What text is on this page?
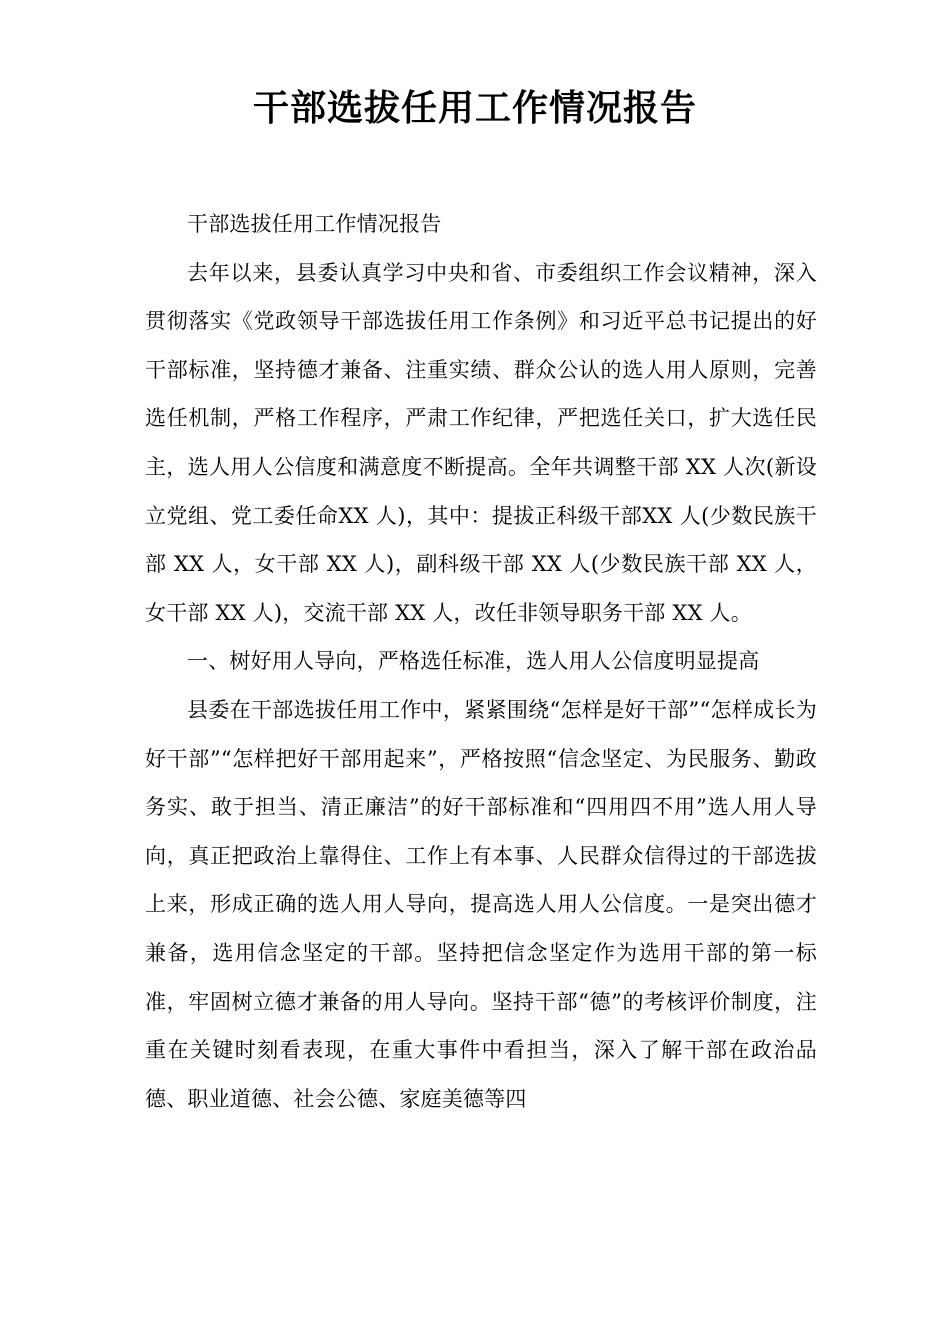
干部选拔任用工作情况报告

干部选拔任用工作情况报告

去年以来，县委认真学习中央和省、市委组织工作会议精神，深入贯彻落实《党政领导干部选拔任用工作条例》和习近平总书记提出的好干部标准，坚持德才兼备、注重实绩、群众公认的选人用人原则，完善选任机制，严格工作程序，严肃工作纪律，严把选任关口，扩大选任民主，选人用人公信度和满意度不断提高。全年共调整干部 XX 人次(新设立党组、党工委任命XX 人)，其中：提拔正科级干部XX 人(少数民族干部 XX 人，女干部 XX 人)，副科级干部 XX 人(少数民族干部 XX 人，女干部 XX 人)，交流干部 XX 人，改任非领导职务干部 XX 人。

一、树好用人导向，严格选任标准，选人用人公信度明显提高

县委在干部选拔任用工作中，紧紧围绕“怎样是好干部”“怎样成长为好干部”“怎样把好干部用起来”，严格按照“信念坚定、为民服务、勤政务实、敢于担当、清正廉洁”的好干部标准和“四用四不用”选人用人导向，真正把政治上靠得住、工作上有本事、人民群众信得过的干部选拔上来，形成正确的选人用人导向，提高选人用人公信度。一是突出德才兼备，选用信念坚定的干部。坚持把信念坚定作为选用干部的第一标准，牢固树立德才兼备的用人导向。坚持干部“德”的考核评价制度，注重在关键时刻看表现，在重大事件中看担当，深入了解干部在政治品德、职业道德、社会公德、家庭美德等四
